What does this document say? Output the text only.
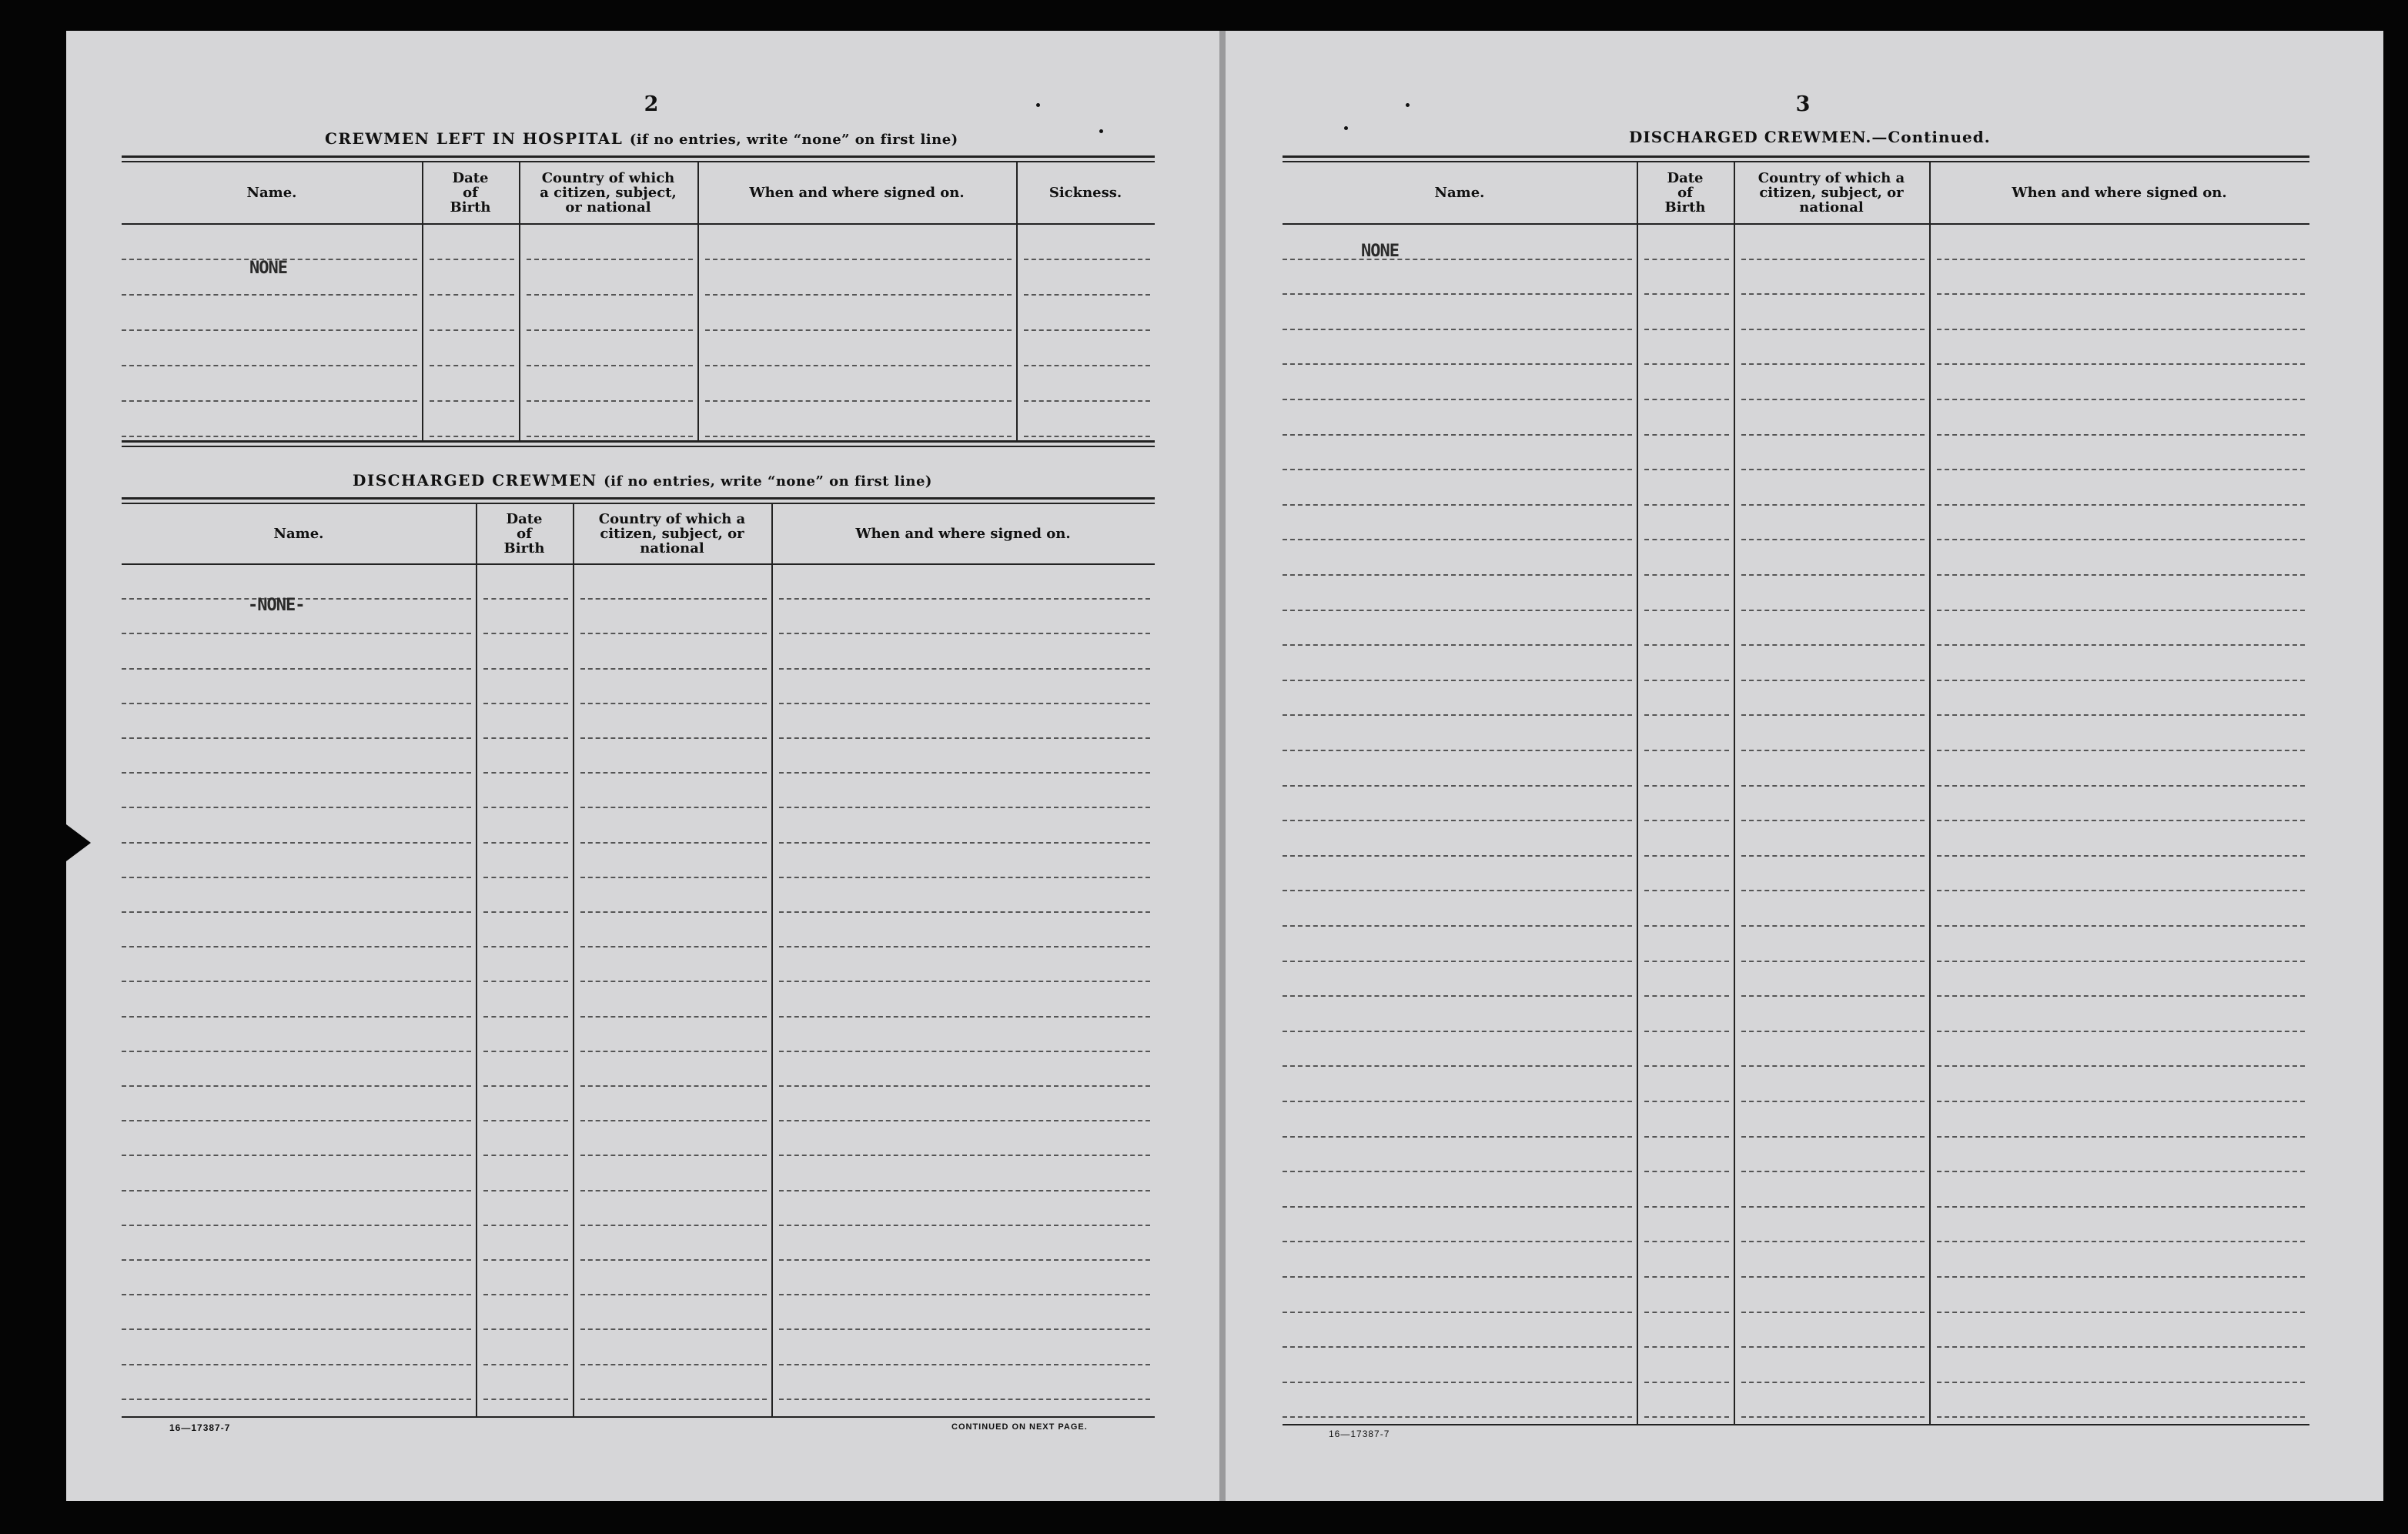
2
CREWMEN LEFT IN HOSPITAL (if no entries, write “none” on first line)
Name.
Date of Birth
Country of which a citizen, subject, or national
When and where signed on.	Sickness.
NONE
DISCHARGED CREWMEN (if no entries, write “none” on first line)
Name.
Date of Birth
Country of which a citizen, subject, or national
When and where signed on.
-NONE-
16—17387-7	CONTINUED ON NEXT PAGE.
3
DISCHARGED CREWMEN.—Continued.
Name.
Date of Birth
Country of which a citizen, subject, or national
When and where signed on.
NONE
16—17387-7
